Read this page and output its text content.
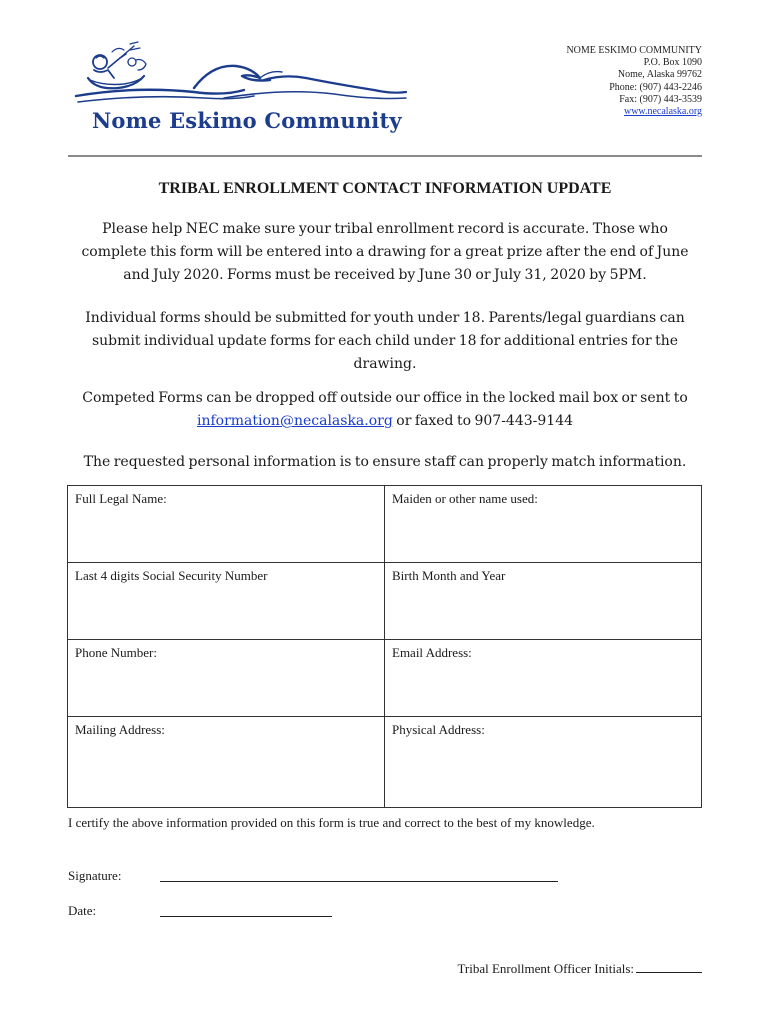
Nome Eskimo Community
NOME ESKIMO COMMUNITY
P.O. Box 1090
Nome, Alaska 99762
Phone: (907) 443-2246
Fax: (907) 443-3539
www.necalaska.org
TRIBAL ENROLLMENT CONTACT INFORMATION UPDATE
Please help NEC make sure your tribal enrollment record is accurate. Those who complete this form will be entered into a drawing for a great prize after the end of June and July 2020. Forms must be received by June 30 or July 31, 2020 by 5PM.
Individual forms should be submitted for youth under 18. Parents/legal guardians can submit individual update forms for each child under 18 for additional entries for the drawing.
Competed Forms can be dropped off outside our office in the locked mail box or sent to
information@necalaska.org or faxed to 907-443-9144
The requested personal information is to ensure staff can properly match information.
Full Legal Name:	Maiden or other name used:
Last 4 digits Social Security Number	Birth Month and Year
Phone Number:	Email Address:
Mailing Address:	Physical Address:
I certify the above information provided on this form is true and correct to the best of my knowledge.
Signature:
Date:
Tribal Enrollment Officer Initials:
